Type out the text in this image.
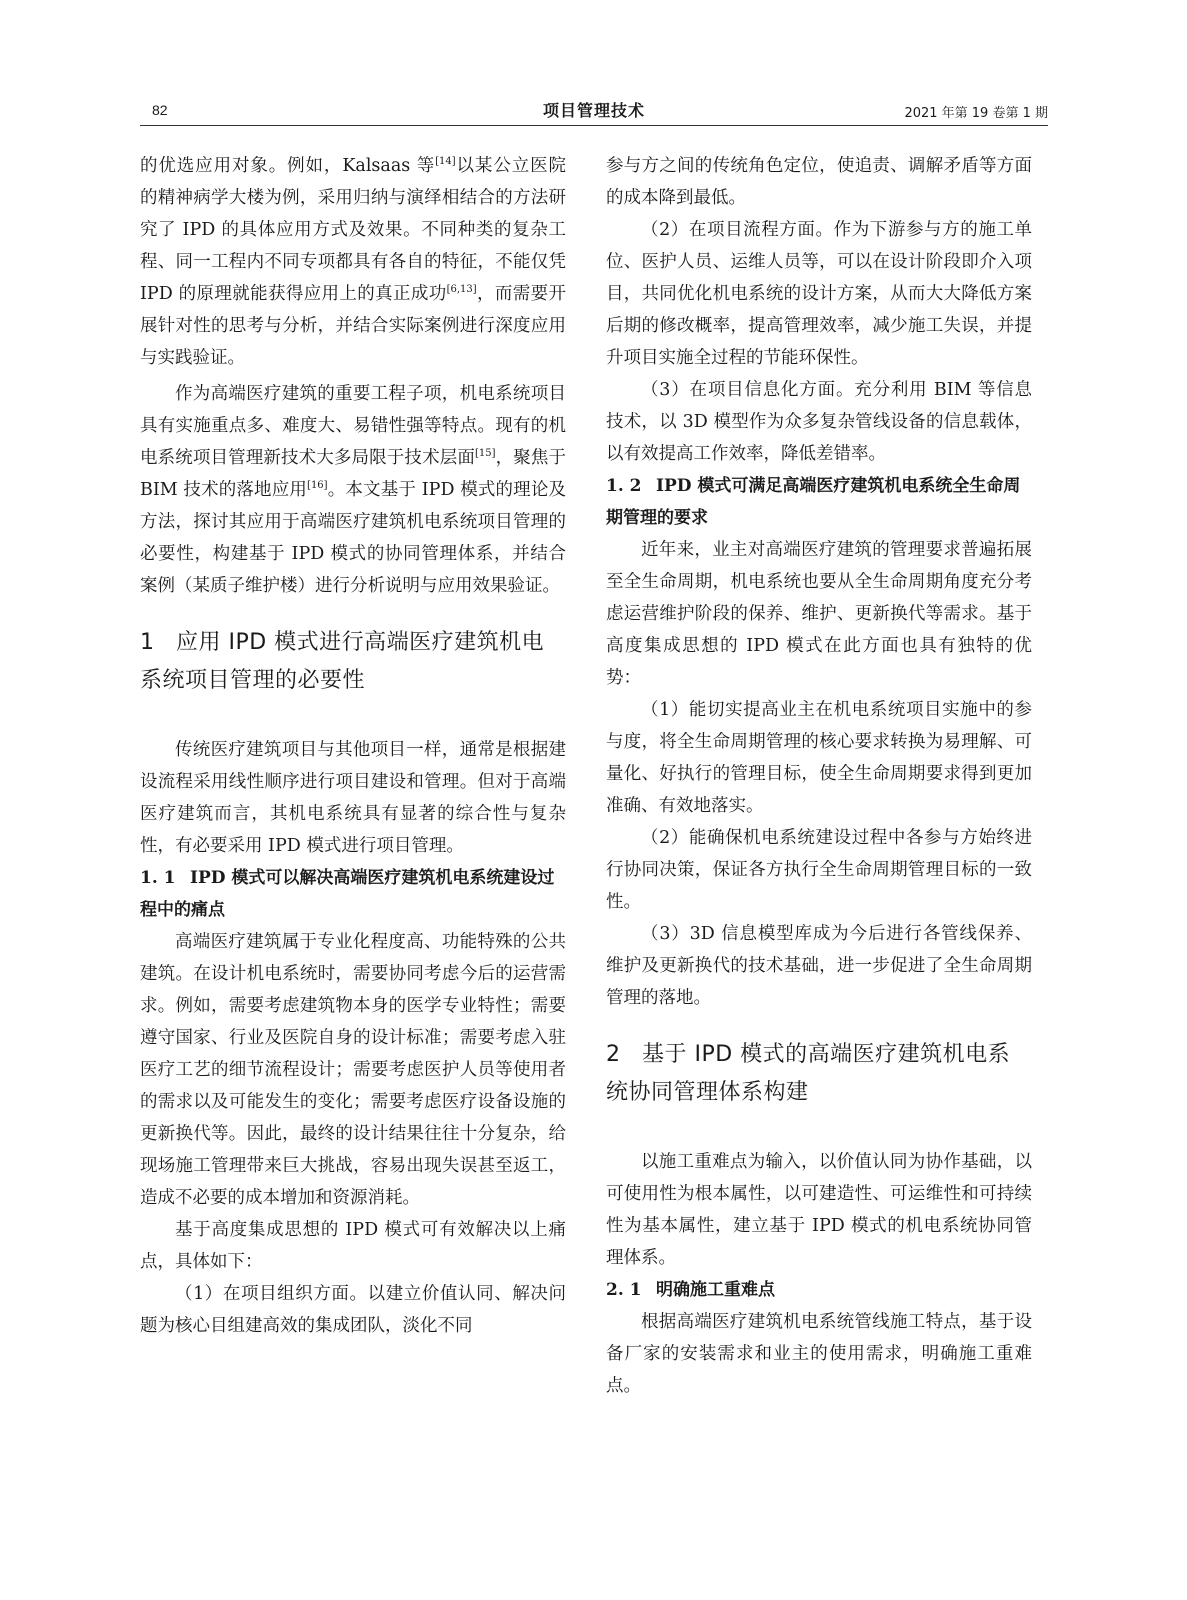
82	项目管理技术	2021 年第 19 卷第 1 期

的优选应用对象。例如，Kalsaas 等[14]以某公立医院的精神病学大楼为例，采用归纳与演绎相结合的方法研究了 IPD 的具体应用方式及效果。不同种类的复杂工程、同一工程内不同专项都具有各自的特征，不能仅凭 IPD 的原理就能获得应用上的真正成功[6,13]，而需要开展针对性的思考与分析，并结合实际案例进行深度应用与实践验证。

作为高端医疗建筑的重要工程子项，机电系统项目具有实施重点多、难度大、易错性强等特点。现有的机电系统项目管理新技术大多局限于技术层面[15]，聚焦于 BIM 技术的落地应用[16]。本文基于 IPD 模式的理论及方法，探讨其应用于高端医疗建筑机电系统项目管理的必要性，构建基于 IPD 模式的协同管理体系，并结合案例（某质子维护楼）进行分析说明与应用效果验证。

1 应用 IPD 模式进行高端医疗建筑机电系统项目管理的必要性

传统医疗建筑项目与其他项目一样，通常是根据建设流程采用线性顺序进行项目建设和管理。但对于高端医疗建筑而言，其机电系统具有显著的综合性与复杂性，有必要采用 IPD 模式进行项目管理。

1. 1 IPD 模式可以解决高端医疗建筑机电系统建设过程中的痛点

高端医疗建筑属于专业化程度高、功能特殊的公共建筑。在设计机电系统时，需要协同考虑今后的运营需求。例如，需要考虑建筑物本身的医学专业特性；需要遵守国家、行业及医院自身的设计标准；需要考虑入驻医疗工艺的细节流程设计；需要考虑医护人员等使用者的需求以及可能发生的变化；需要考虑医疗设备设施的更新换代等。因此，最终的设计结果往往十分复杂，给现场施工管理带来巨大挑战，容易出现失误甚至返工，造成不必要的成本增加和资源消耗。

基于高度集成思想的 IPD 模式可有效解决以上痛点，具体如下：

（1）在项目组织方面。以建立价值认同、解决问题为核心目组建高效的集成团队，淡化不同

参与方之间的传统角色定位，使追责、调解矛盾等方面的成本降到最低。

（2）在项目流程方面。作为下游参与方的施工单位、医护人员、运维人员等，可以在设计阶段即介入项目，共同优化机电系统的设计方案，从而大大降低方案后期的修改概率，提高管理效率，减少施工失误，并提升项目实施全过程的节能环保性。

（3）在项目信息化方面。充分利用 BIM 等信息技术，以 3D 模型作为众多复杂管线设备的信息载体，以有效提高工作效率，降低差错率。

1. 2 IPD 模式可满足高端医疗建筑机电系统全生命周期管理的要求

近年来，业主对高端医疗建筑的管理要求普遍拓展至全生命周期，机电系统也要从全生命周期角度充分考虑运营维护阶段的保养、维护、更新换代等需求。基于高度集成思想的 IPD 模式在此方面也具有独特的优势：

（1）能切实提高业主在机电系统项目实施中的参与度，将全生命周期管理的核心要求转换为易理解、可量化、好执行的管理目标，使全生命周期要求得到更加准确、有效地落实。

（2）能确保机电系统建设过程中各参与方始终进行协同决策，保证各方执行全生命周期管理目标的一致性。

（3）3D 信息模型库成为今后进行各管线保养、维护及更新换代的技术基础，进一步促进了全生命周期管理的落地。

2 基于 IPD 模式的高端医疗建筑机电系统协同管理体系构建

以施工重难点为输入，以价值认同为协作基础，以可使用性为根本属性，以可建造性、可运维性和可持续性为基本属性，建立基于 IPD 模式的机电系统协同管理体系。

2. 1 明确施工重难点

根据高端医疗建筑机电系统管线施工特点，基于设备厂家的安装需求和业主的使用需求，明确施工重难点。
